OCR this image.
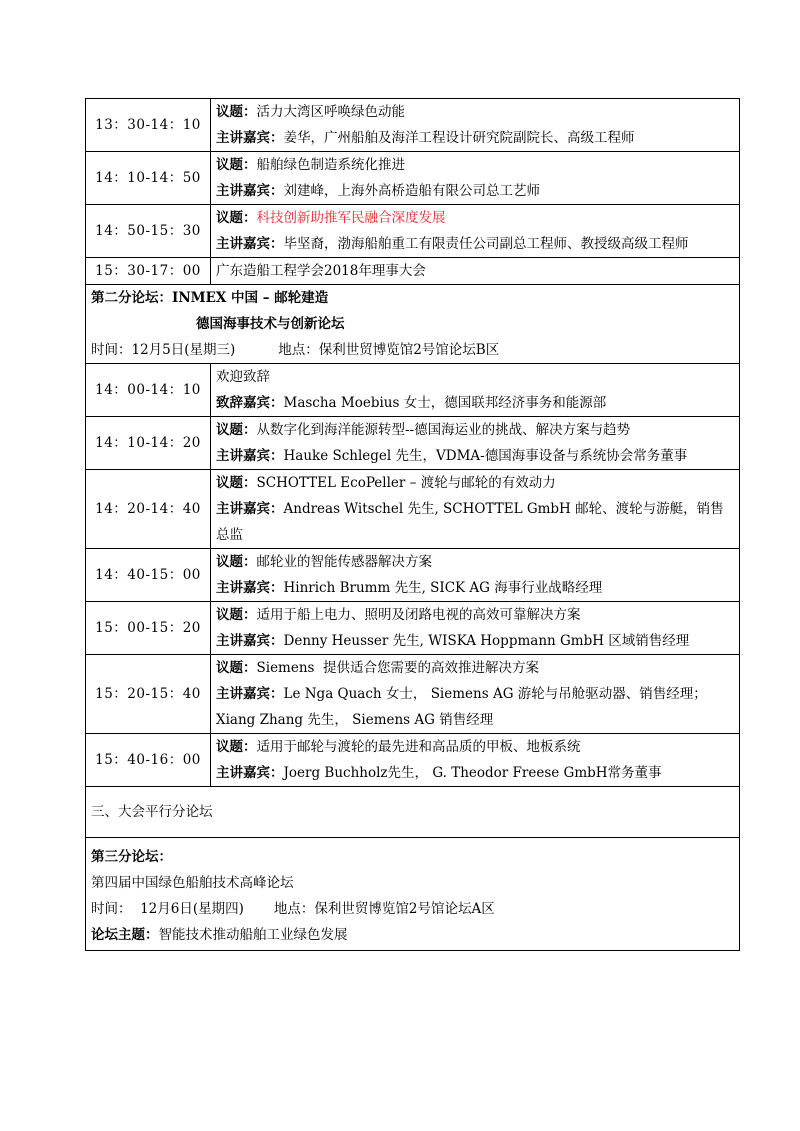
13：30-14：10	议题：活力大湾区呼唤绿色动能
主讲嘉宾：姜华，广州船舶及海洋工程设计研究院副院长、高级工程师

14：10-14：50	议题：船舶绿色制造系统化推进
主讲嘉宾：刘建峰，上海外高桥造船有限公司总工艺师

14：50-15：30	议题：科技创新助推军民融合深度发展
主讲嘉宾：毕坚裔，渤海船舶重工有限责任公司副总工程师、教授级高级工程师

15：30-17：00	广东造船工程学会2018年理事大会

第二分论坛：INMEX 中国 – 邮轮建造
德国海事技术与创新论坛
时间：12月5日(星期三)          地点：保利世贸博览馆2号馆论坛B区	

14：00-14：10	欢迎致辞
致辞嘉宾：Mascha Moebius 女士，德国联邦经济事务和能源部

14：10-14：20	议题：从数字化到海洋能源转型--德国海运业的挑战、解决方案与趋势
主讲嘉宾：Hauke Schlegel 先生，VDMA-德国海事设备与系统协会常务董事

14：20-14：40	议题：SCHOTTEL EcoPeller – 渡轮与邮轮的有效动力
主讲嘉宾：Andreas Witschel 先生, SCHOTTEL GmbH 邮轮、渡轮与游艇，销售总监

14：40-15：00	议题：邮轮业的智能传感器解决方案
主讲嘉宾：Hinrich Brumm 先生, SICK AG 海事行业战略经理

15：00-15：20	议题：适用于船上电力、照明及闭路电视的高效可靠解决方案
主讲嘉宾：Denny Heusser 先生, WISKA Hoppmann GmbH 区域销售经理

15：20-15：40	议题：Siemens  提供适合您需要的高效推进解决方案
主讲嘉宾：Le Nga Quach 女士， Siemens AG 游轮与吊舱驱动器、销售经理；Xiang Zhang 先生， Siemens AG 销售经理

15：40-16：00	议题：适用于邮轮与渡轮的最先进和高品质的甲板、地板系统
主讲嘉宾：Joerg Buchholz先生， G. Theodor Freese GmbH常务董事

三、大会平行分论坛	

第三分论坛：
第四届中国绿色船舶技术高峰论坛
时间：  12月6日(星期四)       地点：保利世贸博览馆2号馆论坛A区
论坛主题：智能技术推动船舶工业绿色发展	
